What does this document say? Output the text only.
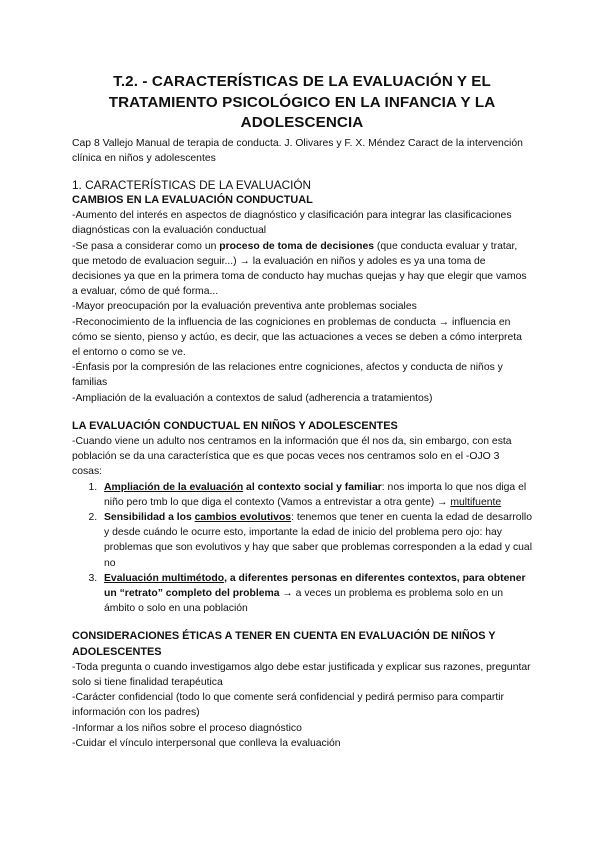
T.2. - CARACTERÍSTICAS DE LA EVALUACIÓN Y EL
TRATAMIENTO PSICOLÓGICO EN LA INFANCIA Y LA
ADOLESCENCIA

Cap 8 Vallejo Manual de terapia de conducta. J. Olivares y F. X. Méndez Caract de la intervención clínica en niños y adolescentes

1. CARACTERÍSTICAS DE LA EVALUACIÓN

CAMBIOS EN LA EVALUACIÓN CONDUCTUAL

-Aumento del interés en aspectos de diagnóstico y clasificación para integrar las clasificaciones diagnósticas con la evaluación conductual

-Se pasa a considerar como un proceso de toma de decisiones (que conducta evaluar y tratar, que metodo de evaluacion seguir...) → la evaluación en niños y adoles es ya una toma de decisiones ya que en la primera toma de conducto hay muchas quejas y hay que elegir que vamos a evaluar, cómo de qué forma...

-Mayor preocupación por la evaluación preventiva ante problemas sociales

-Reconocimiento de la influencia de las cogniciones en problemas de conducta → influencia en cómo se siento, pienso y actúo, es decir, que las actuaciones a veces se deben a cómo interpreta el entorno o como se ve.

-Énfasis por la compresión de las relaciones entre cogniciones, afectos y conducta de niños y familias

-Ampliación de la evaluación a contextos de salud (adherencia a tratamientos)

LA EVALUACIÓN CONDUCTUAL EN NIÑOS Y ADOLESCENTES

-Cuando viene un adulto nos centramos en la información que él nos da, sin embargo, con esta población se da una característica que es que pocas veces nos centramos solo en el -OJO 3 cosas:

1. Ampliación de la evaluación al contexto social y familiar: nos importa lo que nos diga el niño pero tmb lo que diga el contexto (Vamos a entrevistar a otra gente) → multifuente
2. Sensibilidad a los cambios evolutivos: tenemos que tener en cuenta la edad de desarrollo y desde cuándo le ocurre esto, importante la edad de inicio del problema pero ojo: hay problemas que son evolutivos y hay que saber que problemas corresponden a la edad y cual no
3. Evaluación multimétodo, a diferentes personas en diferentes contextos, para obtener un “retrato” completo del problema → a veces un problema es problema solo en un ámbito o solo en una población

CONSIDERACIONES ÉTICAS A TENER EN CUENTA EN EVALUACIÓN DE NIÑOS Y ADOLESCENTES

-Toda pregunta o cuando investigamos algo debe estar justificada y explicar sus razones, preguntar solo si tiene finalidad terapéutica

-Carácter confidencial (todo lo que comente será confidencial y pedirá permiso para compartir información con los padres)

-Informar a los niños sobre el proceso diagnóstico

-Cuidar el vínculo interpersonal que conlleva la evaluación
